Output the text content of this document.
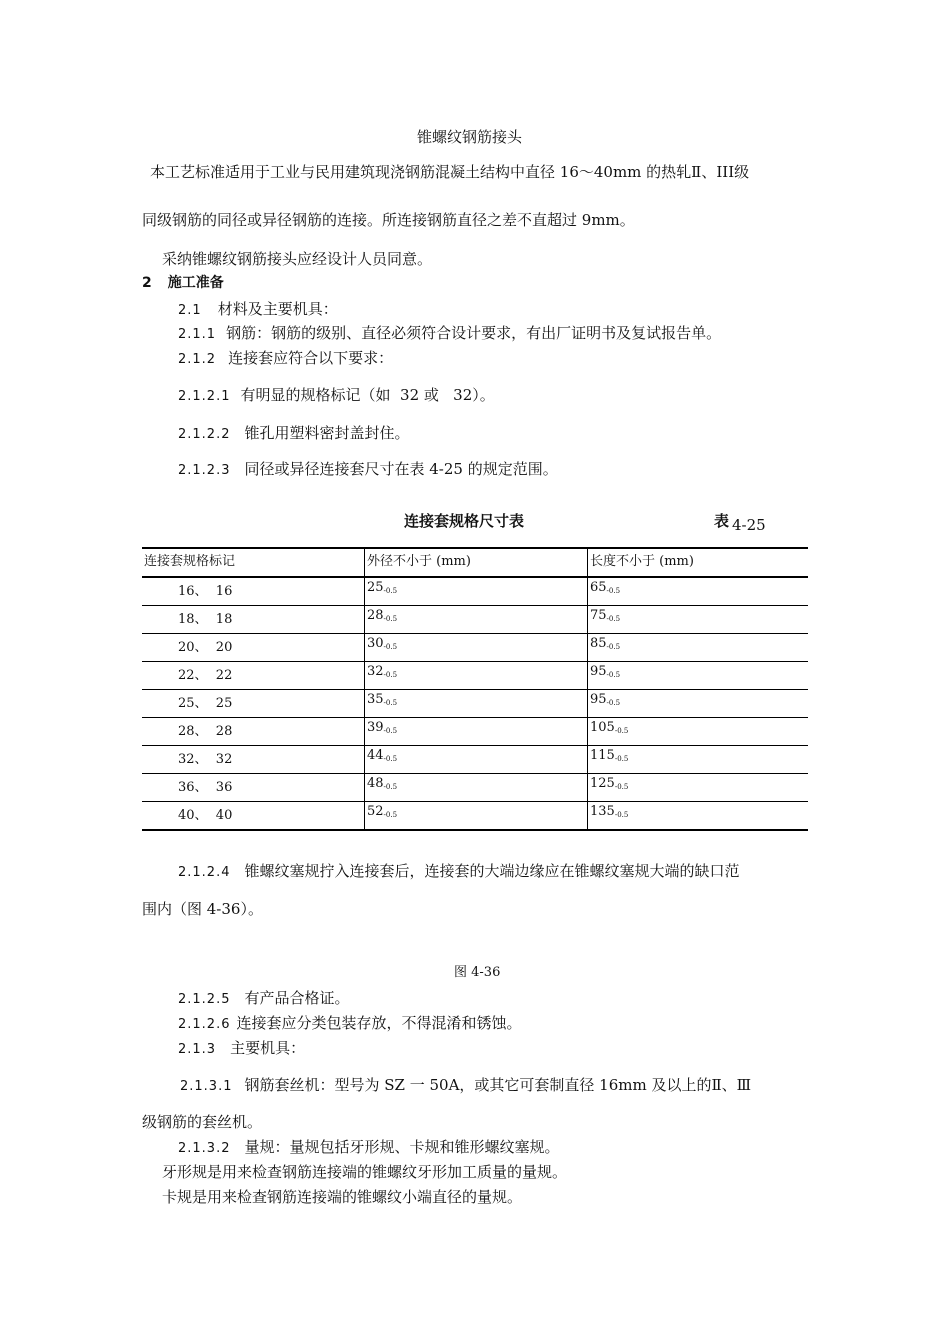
锥螺纹钢筋接头
本工艺标准适用于工业与民用建筑现浇钢筋混凝土结构中直径 16～40mm 的热轧Ⅱ、III级
同级钢筋的同径或异径钢筋的连接。所连接钢筋直径之差不直超过 9mm。
采纳锥螺纹钢筋接头应经设计人员同意。
2 施工准备
2.1 材料及主要机具：
2.1.1 钢筋：钢筋的级别、直径必须符合设计要求，有出厂证明书及复试报告单。
2.1.2 连接套应符合以下要求：
2.1.2.1 有明显的规格标记（如  32 或   32）。
2.1.2.2 锥孔用塑料密封盖封住。
2.1.2.3 同径或异径连接套尺寸在表 4-25 的规定范围。
连接套规格尺寸表	表 4-25
连接套规格标记	外径不小于 (mm)	长度不小于 (mm)
16、  16	$25_{-0.5}$	$65_{-0.5}$
18、  18	$28_{-0.5}$	$75_{-0.5}$
20、  20	$30_{-0.5}$	$85_{-0.5}$
22、  22	$32_{-0.5}$	$95_{-0.5}$
25、  25	$35_{-0.5}$	$95_{-0.5}$
28、  28	$39_{-0.5}$	$105_{-0.5}$
32、  32	$44_{-0.5}$	$115_{-0.5}$
36、  36	$48_{-0.5}$	$125_{-0.5}$
40、  40	$52_{-0.5}$	$135_{-0.5}$
2.1.2.4 锥螺纹塞规拧入连接套后，连接套的大端边缘应在锥螺纹塞规大端的缺口范
围内（图 4-36）。
图 4-36
2.1.2.5 有产品合格证。
2.1.2.6 连接套应分类包装存放，不得混淆和锈蚀。
2.1.3 主要机具：
2.1.3.1 钢筋套丝机：型号为 SZ 一 50A，或其它可套制直径 16mm 及以上的Ⅱ、Ⅲ
级钢筋的套丝机。
2.1.3.2 量规：量规包括牙形规、卡规和锥形螺纹塞规。
牙形规是用来检查钢筋连接端的锥螺纹牙形加工质量的量规。
卡规是用来检查钢筋连接端的锥螺纹小端直径的量规。
